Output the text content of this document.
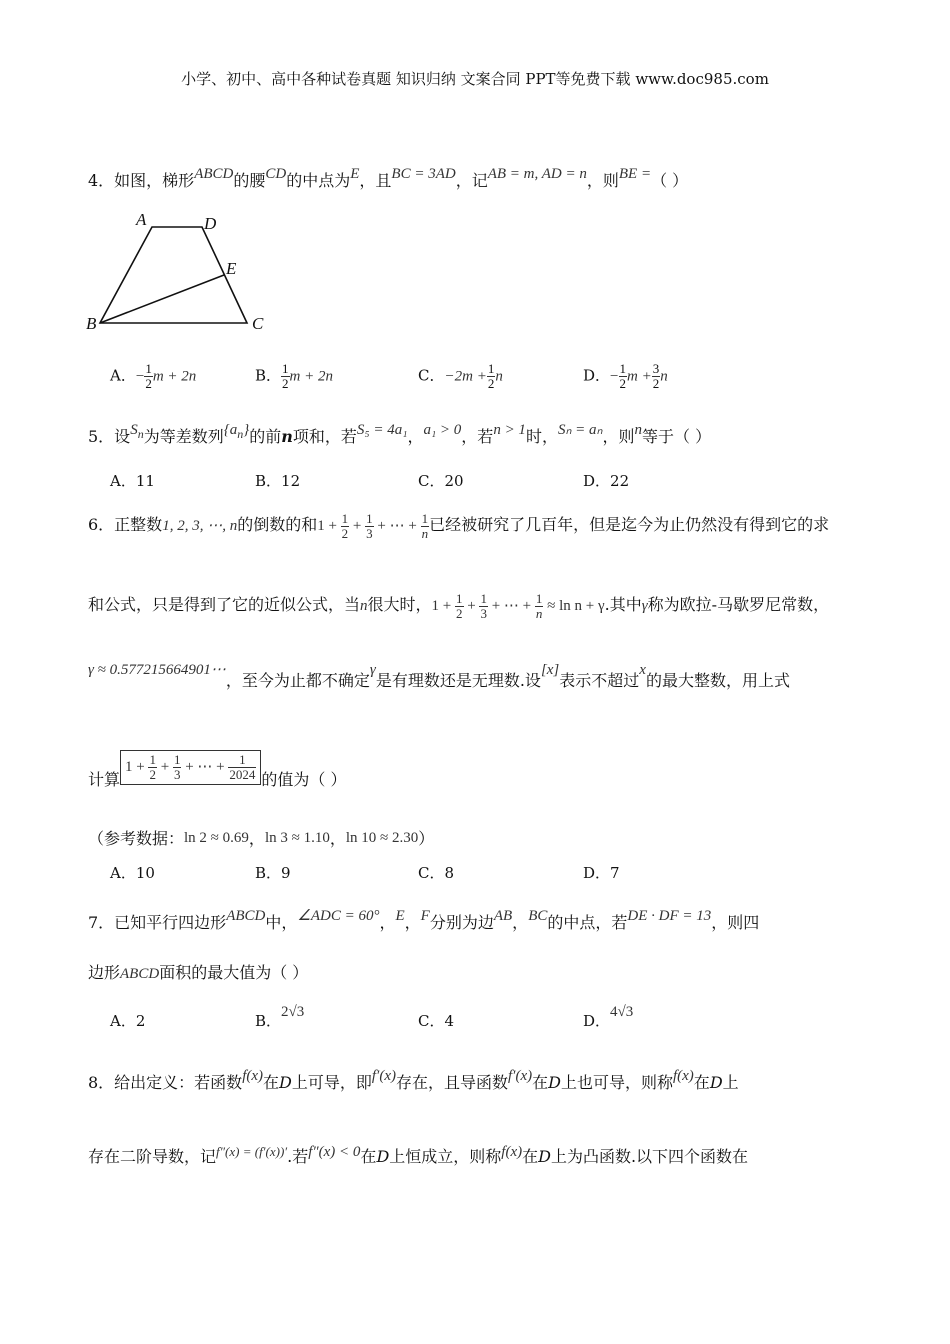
小学、初中、高中各种试卷真题 知识归纳 文案合同 PPT等免费下载 www.doc985.com
4．如图，梯形ABCD的腰CD的中点为E，且BC = 3AD，记AB = m, AD = n，则BE =（ ）
A	D
E
B	C
A．− $\frac{1}{2}$ m + 2n	B． $\frac{1}{2}$ m + 2n	C．$-2m + \frac{1}{2}$ n	D．− $\frac{1}{2}$ $m + \frac{3}{2}$ n
5．设$S_n$为等差数列$\{a_n\}$的前n项和，若S₅ = 4a₁，a₁ > 0，若n > 1时，Sₙ = aₙ，则n等于（ ）
A．11	B．12	C．20	D．22
6．正整数1, 2, 3, ⋯, n的倒数的和$1 + \frac{1}{2} + \frac{1}{3}$ + ⋯ + $\frac{1}{n}$ 已经被研究了几百年，但是迄今为止仍然没有得到它的求
和公式，只是得到了它的近似公式，当n很大时，$1 + \frac{1}{2} + \frac{1}{3}$ + ⋯ + $\frac{1}{n} \approx \ln n + \gamma$.其中γ称为欧拉-马歇罗尼常数，
γ ≈ 0.577215664901⋯，至今为止都不确定γ是有理数还是无理数.设[x]表示不超过x的最大整数，用上式
计算$1 + \frac{1}{2} + \frac{1}{3}$ + ⋯ + $\frac{1}{2024}$ 的值为（ ）
（参考数据：ln 2 ≈ 0.69，ln 3 ≈ 1.10，ln 10 ≈ 2.30）
A．10	B．9	C．8	D．7
7．已知平行四边形ABCD中，∠ADC = 60°，E，F分别为边AB，BC的中点，若DE · DF = 13，则四
边形ABCD面积的最大值为（ ）
A．2	B．2√3	C．4	D．4√3
8．给出定义：若函数f(x)在D上可导，即f′(x)存在，且导函数f′(x)在D上也可导，则称f(x)在D上
存在二阶导数，记$^{f''(x) = (f'(x))'}$.若f″(x) < 0在D上恒成立，则称f(x)在D上为凸函数.以下四个函数在
